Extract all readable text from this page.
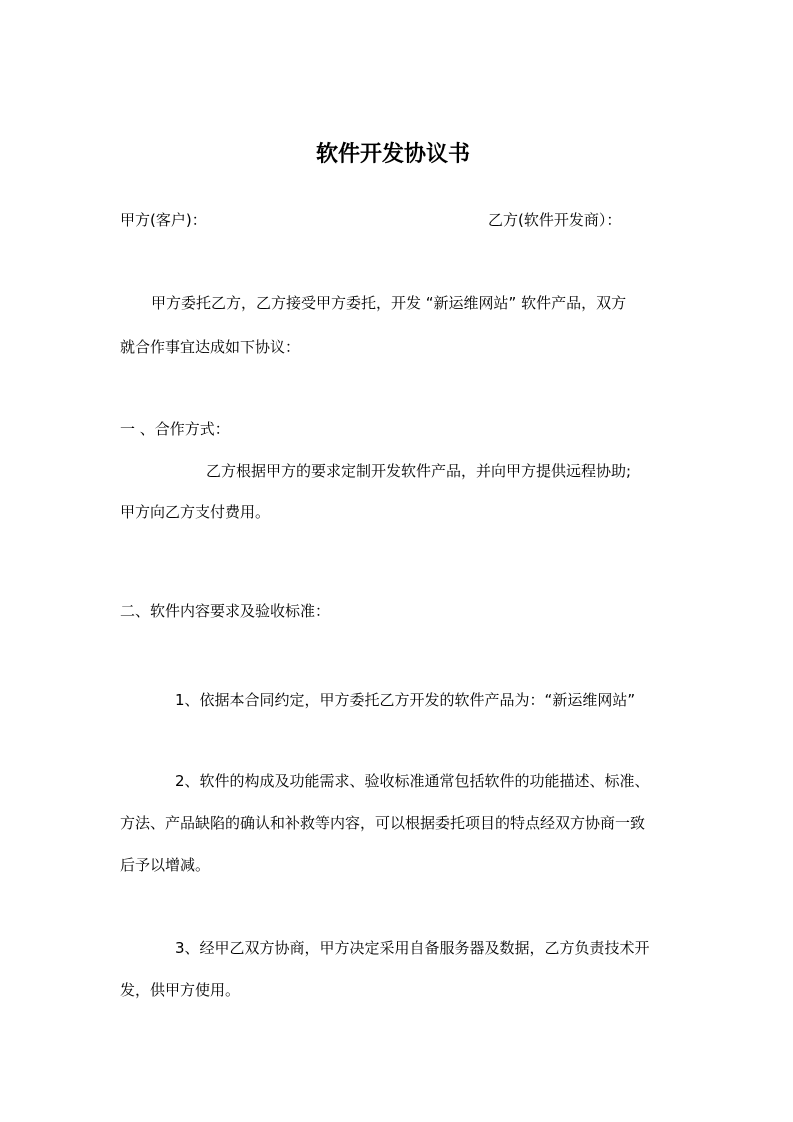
软件开发协议书
甲方(客户)：	乙方(软件开发商）：
甲方委托乙方，乙方接受甲方委托，开发 “新运维网站” 软件产品，双方
就合作事宜达成如下协议：
一 、合作方式：
乙方根据甲方的要求定制开发软件产品，并向甲方提供远程协助;
甲方向乙方支付费用。
二、软件内容要求及验收标准：
1、依据本合同约定，甲方委托乙方开发的软件产品为：“新运维网站”
2、软件的构成及功能需求、验收标准通常包括软件的功能描述、标准、
方法、产品缺陷的确认和补救等内容，可以根据委托项目的特点经双方协商一致
后予以增减。
3、经甲乙双方协商，甲方决定采用自备服务器及数据，乙方负责技术开
发，供甲方使用。
